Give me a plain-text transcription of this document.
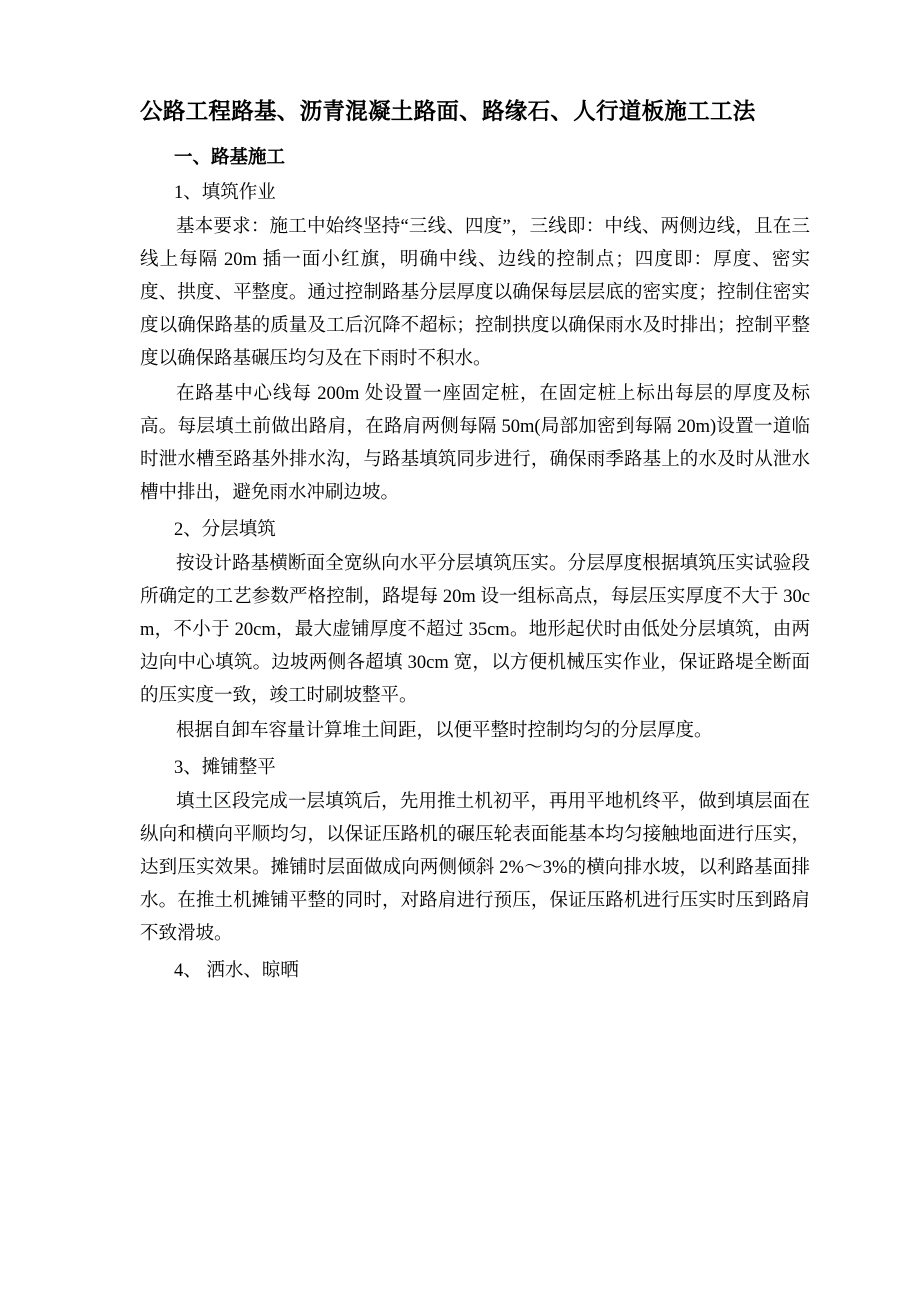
公路工程路基、沥青混凝土路面、路缘石、人行道板施工工法
一、路基施工
1、填筑作业

基本要求：施工中始终坚持“三线、四度”，三线即：中线、两侧边线，且在三线上每隔 20m 插一面小红旗，明确中线、边线的控制点；四度即：厚度、密实度、拱度、平整度。通过控制路基分层厚度以确保每层层底的密实度；控制住密实度以确保路基的质量及工后沉降不超标；控制拱度以确保雨水及时排出；控制平整度以确保路基碾压均匀及在下雨时不积水。

在路基中心线每 200m 处设置一座固定桩，在固定桩上标出每层的厚度及标高。每层填土前做出路肩，在路肩两侧每隔 50m(局部加密到每隔 20m)设置一道临时泄水槽至路基外排水沟，与路基填筑同步进行，确保雨季路基上的水及时从泄水槽中排出，避免雨水冲刷边坡。

2、分层填筑

按设计路基横断面全宽纵向水平分层填筑压实。分层厚度根据填筑压实试验段所确定的工艺参数严格控制，路堤每 20m 设一组标高点，每层压实厚度不大于 30cm，不小于 20cm，最大虚铺厚度不超过 35cm。地形起伏时由低处分层填筑，由两边向中心填筑。边坡两侧各超填 30cm 宽，以方便机械压实作业，保证路堤全断面的压实度一致，竣工时刷坡整平。

根据自卸车容量计算堆土间距，以便平整时控制均匀的分层厚度。

3、摊铺整平

填土区段完成一层填筑后，先用推土机初平，再用平地机终平，做到填层面在纵向和横向平顺均匀，以保证压路机的碾压轮表面能基本均匀接触地面进行压实，达到压实效果。摊铺时层面做成向两侧倾斜 2%～3%的横向排水坡，以利路基面排水。在推土机摊铺平整的同时，对路肩进行预压，保证压路机进行压实时压到路肩不致滑坡。

4、 洒水、晾晒
